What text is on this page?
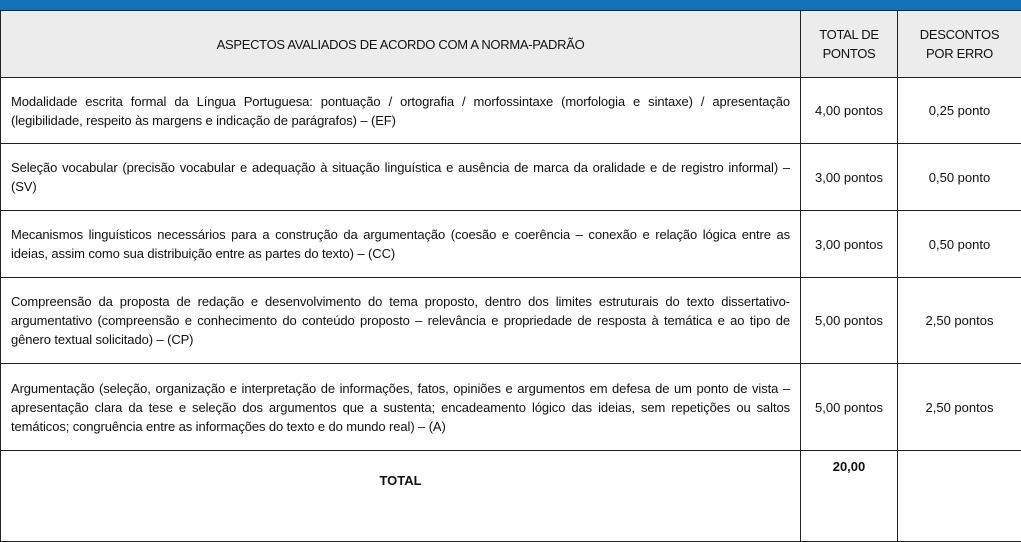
ASPECTOS AVALIADOS DE ACORDO COM A NORMA-PADRÃO	TOTAL DE PONTOS	DESCONTOS POR ERRO
Modalidade escrita formal da Língua Portuguesa: pontuação / ortografia / morfossintaxe (morfologia e sintaxe) / apresentação (legibilidade, respeito às margens e indicação de parágrafos) – (EF)	4,00 pontos	0,25 ponto
Seleção vocabular (precisão vocabular e adequação à situação linguística e ausência de marca da oralidade e de registro informal) – (SV)	3,00 pontos	0,50 ponto
Mecanismos linguísticos necessários para a construção da argumentação (coesão e coerência – conexão e relação lógica entre as ideias, assim como sua distribuição entre as partes do texto) – (CC)	3,00 pontos	0,50 ponto
Compreensão da proposta de redação e desenvolvimento do tema proposto, dentro dos limites estruturais do texto dissertativo-argumentativo (compreensão e conhecimento do conteúdo proposto – relevância e propriedade de resposta à temática e ao tipo de gênero textual solicitado) – (CP)	5,00 pontos	2,50 pontos
Argumentação (seleção, organização e interpretação de informações, fatos, opiniões e argumentos em defesa de um ponto de vista – apresentação clara da tese e seleção dos argumentos que a sustenta; encadeamento lógico das ideias, sem repetições ou saltos temáticos; congruência entre as informações do texto e do mundo real) – (A)	5,00 pontos	2,50 pontos
TOTAL	20,00	
